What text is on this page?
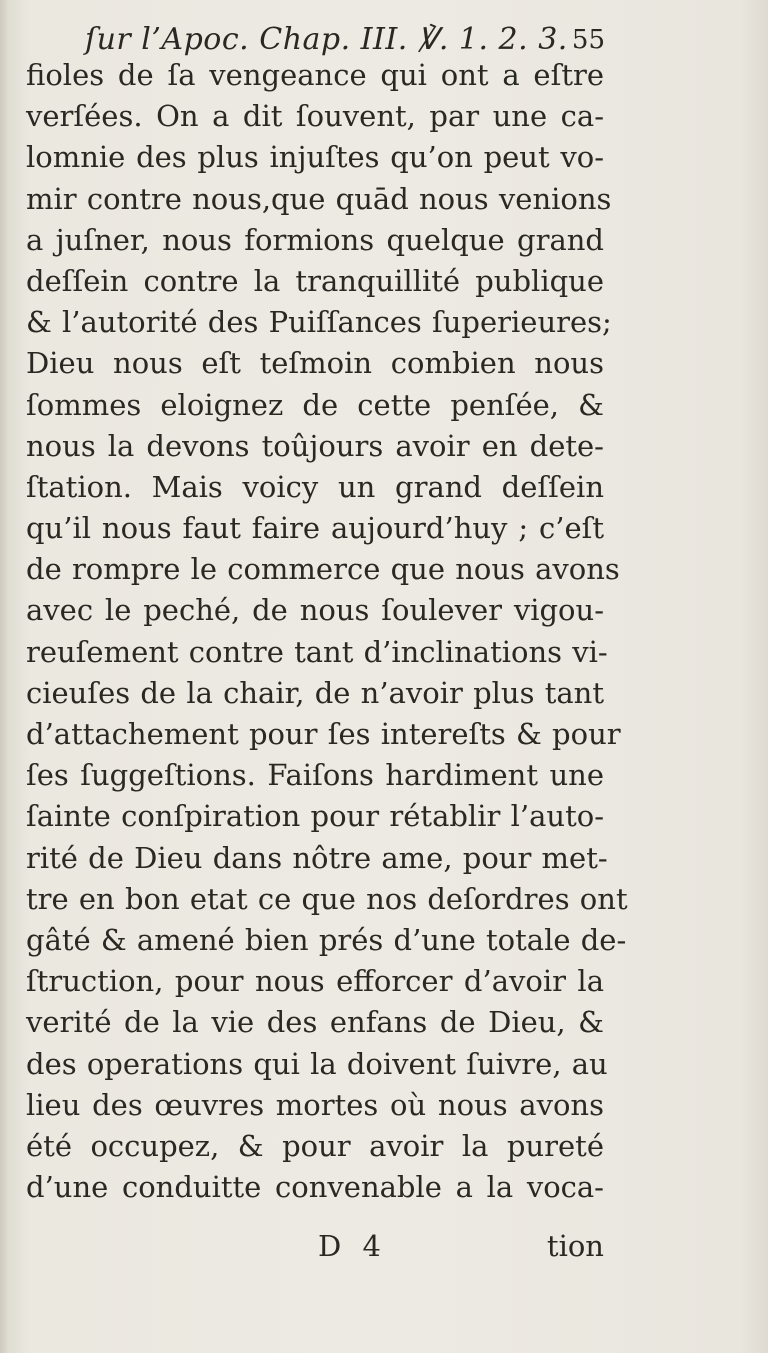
ſur l’Apoc. Chap. III. ℣. 1. 2. 3. 55
fioles de ſa vengeance qui ont a eſtre
verſées. On a dit ſouvent, par une ca-
lomnie des plus injuſtes qu’on peut vo-
mir contre nous,que quād nous venions
a juſner, nous formions quelque grand
deſſein contre la tranquillité publique
& l’autorité des Puiſſances ſuperieures;
Dieu nous eſt teſmoin combien nous
ſommes eloignez de cette penſée, &
nous la devons toûjours avoir en dete-
ſtation. Mais voicy un grand deſſein
qu’il nous faut faire aujourd’huy ; c’eſt
de rompre le commerce que nous avons
avec le peché, de nous ſoulever vigou-
reuſement contre tant d’inclinations vi-
cieuſes de la chair, de n’avoir plus tant
d’attachement pour ſes intereſts & pour
ſes ſuggeſtions. Faiſons hardiment une
ſainte conſpiration pour rétablir l’auto-
rité de Dieu dans nôtre ame, pour met-
tre en bon etat ce que nos deſordres ont
gâté & amené bien prés d’une totale de-
ſtruction, pour nous efforcer d’avoir la
verité de la vie des enfans de Dieu, &
des operations qui la doivent ſuivre, au
lieu des œuvres mortes où nous avons
été occupez, & pour avoir la pureté
d’une conduitte convenable a la voca-
D 4	tion
